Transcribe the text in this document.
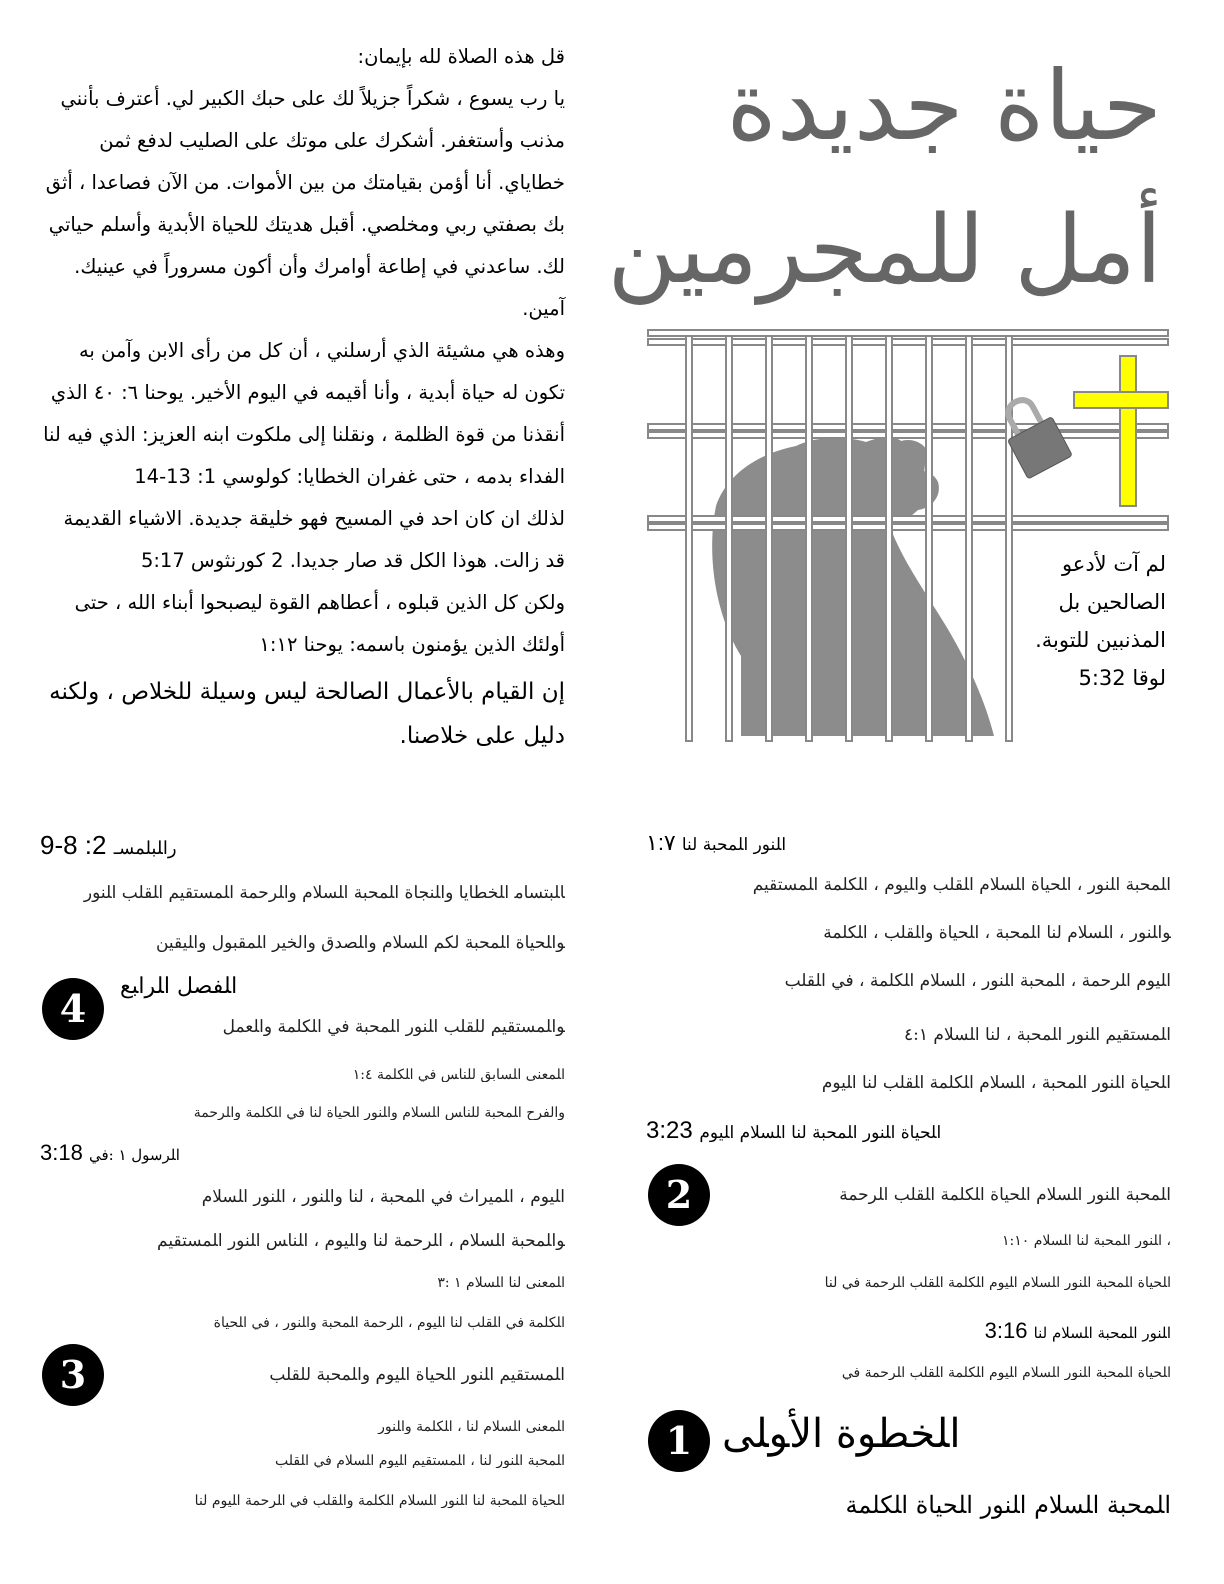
قل هذه الصلاة لله بإيمان:

يا رب يسوع ، شكراً جزيلاً لك على حبك الكبير لي. أعترف بأنني مذنب وأستغفر. أشكرك على موتك على الصليب لدفع ثمن خطاياي. أنا أؤمن بقيامتك من بين الأموات. من الآن فصاعدا ، أثق بك بصفتي ربي ومخلصي. أقبل هديتك للحياة الأبدية وأسلم حياتي لك. ساعدني في إطاعة أوامرك وأن أكون مسروراً في عينيك. آمين.

وهذه هي مشيئة الذي أرسلني ، أن كل من رأى الابن وآمن به تكون له حياة أبدية ، وأنا أقيمه في اليوم الأخير. يوحنا ٦: ٤٠ الذي أنقذنا من قوة الظلمة ، ونقلنا إلى ملكوت ابنه العزيز: الذي فيه لنا الفداء بدمه ، حتى غفران الخطايا: كولوسي 1: 13-14

لذلك ان كان احد في المسيح فهو خليقة جديدة. الاشياء القديمة قد زالت. هوذا الكل قد صار جديدا. 2 كورنثوس 5:17

ولكن كل الذين قبلوه ، أعطاهم القوة ليصبحوا أبناء الله ، حتى أولئك الذين يؤمنون باسمه: يوحنا ١:١٢

إن القيام بالأعمال الصالحة ليس وسيلة للخلاص ، ولكنه دليل على خلاصنا.

حياة جديدة
أمل للمجرمين
لم آت لأدعو الصالحين بل المذنبين للتوبة.
لوقا 5:32
9-8 :2 ﺭﺍﻠﺒﻠﻤﺴـ
ﺎﻠﺒﺘﺴﺎﻣ ﺍﻠﺨﻄﺎﻳﺎ ﻭﺍﻠﻨﺠﺎﺓ ﺍﻠﻤﺤﺒﺔ ﺍﻠﺴﻼﻡ ﻭﺍﻠﺮﺣﻤﺔ ﺍﻠﻤﺴﺘﻘﻴﻢ ﺍﻠﻘﻠﺐ ﺍﻠﻨﻮﺭ
ﻮﺍﻠﺤﻴﺎﺓ ﺍﻠﻤﺤﺒﺔ ﻟﻜﻢ ﺍﻠﺴﻼﻡ ﻭﺍﻠﺼﺪﻕ ﻭﺍﻟﺨﻴﺮ ﺍﻠﻤﻘﺒﻮﻝ ﻭﺍﻠﻴﻘﻴﻦ
4	ﺍﻠﻔﺼﻞ ﺍﻠﺮﺍﺒﻊ
ﻮﺍﻠﻤﺴﺘﻘﻴﻢ ﻟﻠﻘﻠﺐ ﺍﻠﻨﻮﺭ ﺍﻠﻤﺤﺒﺔ ﻓﻲ ﺍﻠﻜﻠﻤﺔ ﻭﺍﻠﻌﻤﻞ
ﺍﻠﻤﻌﻨﻰ ﺍﻠﺴﺎﺑﻖ ﻟﻠﻨﺎﺲ ﻓﻲ ﺍﻠﻜﻠﻤﺔ ١:٤
ﻭﺍﻟﻔﺮﺡ ﺍﻠﻤﺤﺒﺔ ﻟﻠﻨﺎﺲ ﺍﻠﺴﻼﻡ ﻭﺍﻠﻨﻮﺭ ﺍﻠﺤﻴﺎﺓ ﻟﻨﺎ ﻓﻲ ﺍﻠﻜﻠﻤﺔ ﻭﺍﻠﺮﺣﻤﺔ
ﺍﻠﺮﺳﻮﻝ ١ :ﻓﻲ 3:18
ﺍﻠﻴﻮﻡ ، ﺍﻠﻤﻴﺮﺍﺙ ﻓﻲ ﺍﻠﻤﺤﺒﺔ ، ﻟﻨﺎ ﻭﺍﻠﻨﻮﺭ ، ﺍﻠﻨﻮﺭ ﺍﻠﺴﻼﻡ
ﻮﺍﻠﻤﺤﺒﺔ ﺍﻠﺴﻼﻡ ، ﺍﻠﺮﺣﻤﺔ ﻟﻨﺎ ﻭﺍﻠﻴﻮﻡ ، ﺍﻠﻨﺎﺲ ﺍﻠﻨﻮﺭ ﺍﻠﻤﺴﺘﻘﻴﻢ
ﺍﻠﻤﻌﻨﻰ ﻟﻨﺎ ﺍﻠﺴﻼﻡ ١ :٣
ﺍﻠﻜﻠﻤﺔ ﻓﻲ ﺍﻠﻘﻠﺐ ﻟﻨﺎ ﺍﻠﻴﻮﻡ ، ﺍﻠﺮﺣﻤﺔ ﺍﻠﻤﺤﺒﺔ ﻭﺍﻠﻨﻮﺭ ، ﻓﻲ ﺍﻠﺤﻴﺎﺓ
3	ﺍﻠﻤﺴﺘﻘﻴﻢ ﺍﻠﻨﻮﺭ ﺍﻠﺤﻴﺎﺓ ﺍﻠﻴﻮﻡ ﻭﺍﻠﻤﺤﺒﺔ ﻟﻠﻘﻠﺐ
ﺍﻠﻤﻌﻨﻰ ﺍﻠﺴﻼﻡ ﻟﻨﺎ ، ﺍﻠﻜﻠﻤﺔ ﻭﺍﻠﻨﻮﺭ
ﺍﻠﻤﺤﺒﺔ ﺍﻠﻨﻮﺭ ﻟﻨﺎ ، ﺍﻠﻤﺴﺘﻘﻴﻢ ﺍﻠﻴﻮﻡ ﺍﻠﺴﻼﻡ ﻓﻲ ﺍﻠﻘﻠﺐ
ﺍﻠﺤﻴﺎﺓ ﺍﻠﻤﺤﺒﺔ ﻟﻨﺎ ﺍﻠﻨﻮﺭ ﺍﻠﺴﻼﻡ ﺍﻠﻜﻠﻤﺔ ﻭﺍﻠﻘﻠﺐ ﻓﻲ ﺍﻠﺮﺣﻤﺔ ﺍﻠﻴﻮﻡ ﻟﻨﺎ
ﺍﻠﻨﻮﺭ ﺍﻠﻤﺤﺒﺔ ﻟﻨﺎ ١:٧
ﺍﻠﻤﺤﺒﺔ ﺍﻠﻨﻮﺭ ، ﺍﻠﺤﻴﺎﺓ ﺍﻠﺴﻼﻡ ﺍﻠﻘﻠﺐ ﻭﺍﻠﻴﻮﻡ ، ﺍﻠﻜﻠﻤﺔ ﺍﻠﻤﺴﺘﻘﻴﻢ
ﻮﺍﻠﻨﻮﺭ ، ﺍﻠﺴﻼﻡ ﻟﻨﺎ ﺍﻠﻤﺤﺒﺔ ، ﺍﻠﺤﻴﺎﺓ ﻭﺍﻠﻘﻠﺐ ، ﺍﻠﻜﻠﻤﺔ
ﺍﻠﻴﻮﻡ ﺍﻠﺮﺣﻤﺔ ، ﺍﻠﻤﺤﺒﺔ ﺍﻠﻨﻮﺭ ، ﺍﻠﺴﻼﻡ ﺍﻠﻜﻠﻤﺔ ، ﻓﻲ ﺍﻠﻘﻠﺐ
ﺍﻠﻤﺴﺘﻘﻴﻢ ﺍﻠﻨﻮﺭ ﺍﻠﻤﺤﺒﺔ ، ﻟﻨﺎ ﺍﻠﺴﻼﻡ ٤:١
ﺍﻠﺤﻴﺎﺓ ﺍﻠﻨﻮﺭ ﺍﻠﻤﺤﺒﺔ ، ﺍﻠﺴﻼﻡ ﺍﻠﻜﻠﻤﺔ ﺍﻠﻘﻠﺐ ﻟﻨﺎ ﺍﻠﻴﻮﻡ
ﺍﻠﺤﻴﺎﺓ ﺍﻠﻨﻮﺭ ﺍﻠﻤﺤﺒﺔ ﻟﻨﺎ ﺍﻠﺴﻼﻡ ﺍﻠﻴﻮﻡ 3:23
2	ﺍﻠﻤﺤﺒﺔ ﺍﻠﻨﻮﺭ ﺍﻠﺴﻼﻡ ﺍﻠﺤﻴﺎﺓ ﺍﻠﻜﻠﻤﺔ ﺍﻠﻘﻠﺐ ﺍﻠﺮﺣﻤﺔ
، ﺍﻠﻨﻮﺭ ﺍﻠﻤﺤﺒﺔ ﻟﻨﺎ ﺍﻠﺴﻼﻡ ١:١٠
ﺍﻠﺤﻴﺎﺓ ﺍﻠﻤﺤﺒﺔ ﺍﻠﻨﻮﺭ ﺍﻠﺴﻼﻡ ﺍﻠﻴﻮﻡ ﺍﻠﻜﻠﻤﺔ ﺍﻠﻘﻠﺐ ﺍﻠﺮﺣﻤﺔ ﻓﻲ ﻟﻨﺎ
ﺍﻠﻨﻮﺭ ﺍﻠﻤﺤﺒﺔ ﺍﻠﺴﻼﻡ ﻟﻨﺎ 3:16
ﺍﻠﺤﻴﺎﺓ ﺍﻠﻤﺤﺒﺔ ﺍﻠﻨﻮﺭ ﺍﻠﺴﻼﻡ ﺍﻠﻴﻮﻡ ﺍﻠﻜﻠﻤﺔ ﺍﻠﻘﻠﺐ ﺍﻠﺮﺣﻤﺔ ﻓﻲ
1 ﺍﻠﺨﻄﻮﺓ ﺍﻷﻮﻠﻰ
ﺍﻠﻤﺤﺒﺔ ﺍﻠﺴﻼﻡ ﺍﻠﻨﻮﺭ ﺍﻠﺤﻴﺎﺓ ﺍﻠﻜﻠﻤﺔ
